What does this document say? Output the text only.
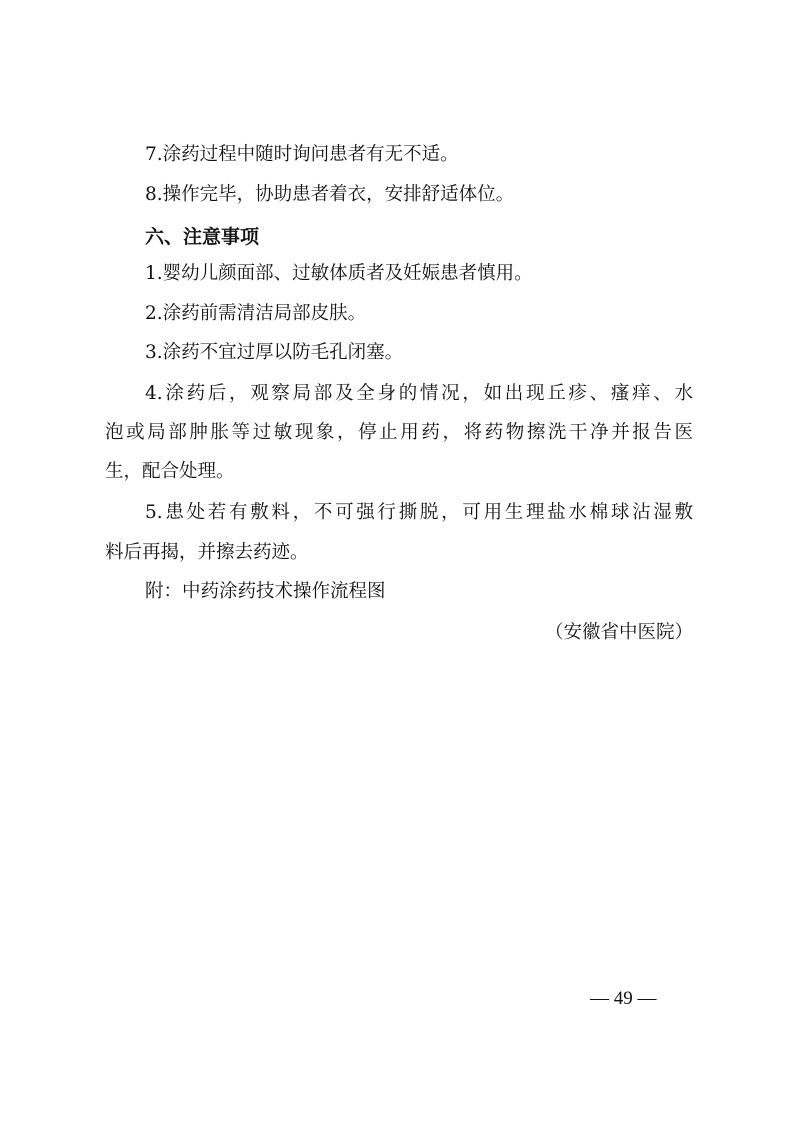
7.涂药过程中随时询问患者有无不适。
8.操作完毕，协助患者着衣，安排舒适体位。
六、注意事项
1.婴幼儿颜面部、过敏体质者及妊娠患者慎用。
2.涂药前需清洁局部皮肤。
3.涂药不宜过厚以防毛孔闭塞。
4.涂药后，观察局部及全身的情况，如出现丘疹、瘙痒、水
泡或局部肿胀等过敏现象，停止用药，将药物擦洗干净并报告医
生，配合处理。
5.患处若有敷料，不可强行撕脱，可用生理盐水棉球沾湿敷
料后再揭，并擦去药迹。
附：中药涂药技术操作流程图
（安徽省中医院）
— 49 —
